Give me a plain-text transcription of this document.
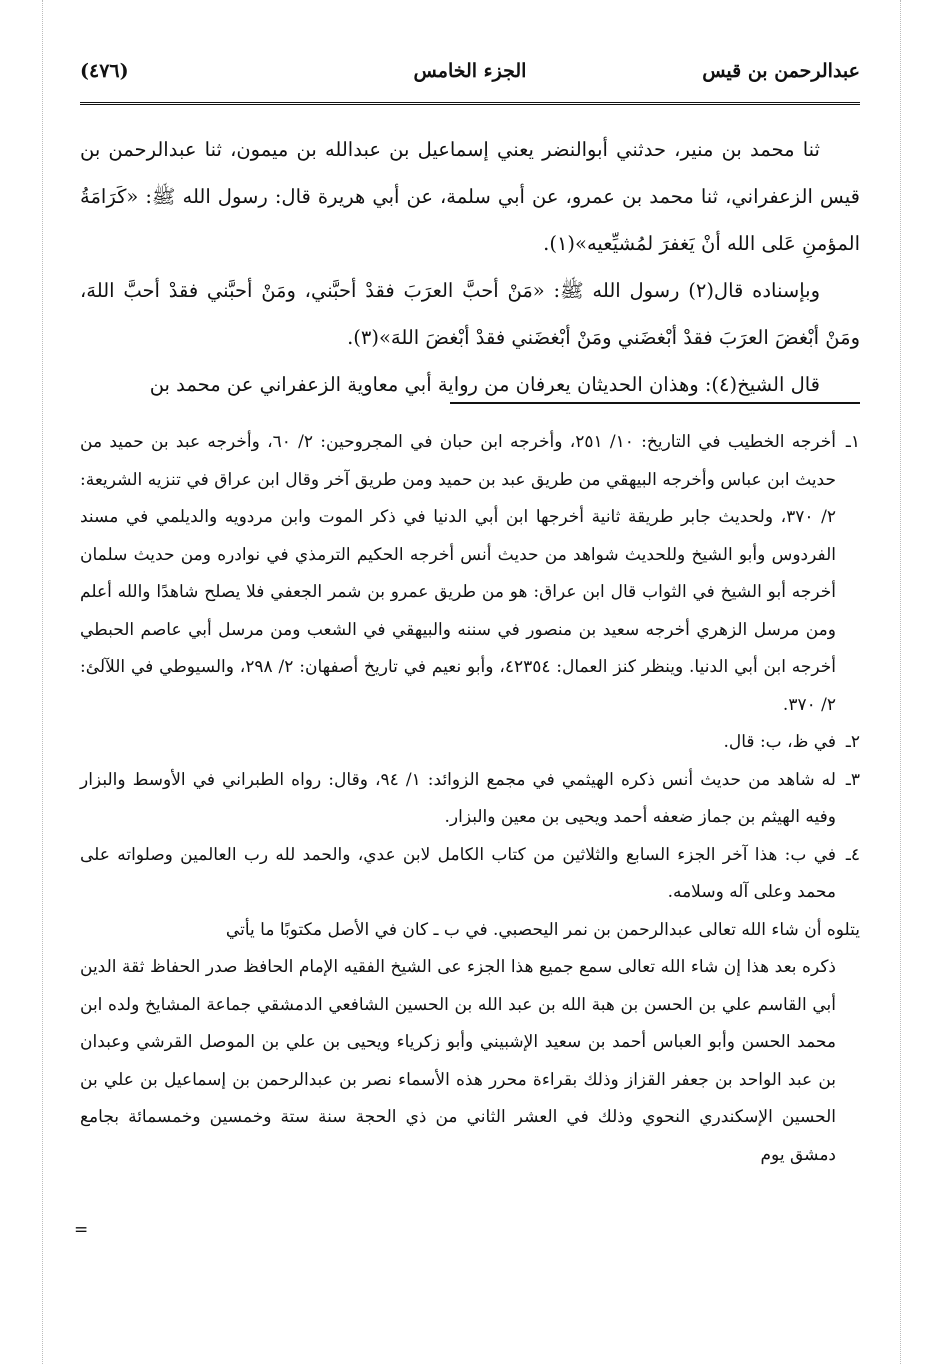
عبدالرحمن بن قيس
الجزء الخامس
(٤٧٦)

ثنا محمد بن منير، حدثني أبوالنضر يعني إسماعيل بن عبدالله بن ميمون، ثنا عبدالرحمن بن قيس الزعفراني، ثنا محمد بن عمرو، عن أبي سلمة، عن أبي هريرة قال: رسول الله ﷺ: «كَرَامَةُ المؤمنِ عَلى الله أنْ يَغفرَ لمُشيِّعيه»(١).

وبإسناده قال(٢) رسول الله ﷺ: «مَنْ أحبَّ العرَبَ فقدْ أحبَّني، ومَنْ أحبَّني فقدْ أحبَّ اللهَ، ومَنْ أبْغضَ العرَبَ فقدْ أبْغضَني ومَنْ أبْغضَني فقدْ أبْغضَ اللهَ»(٣).

قال الشيخ(٤): وهذان الحديثان يعرفان من رواية أبي معاوية الزعفراني عن محمد بن

١ـ
أخرجه الخطيب في التاريخ: ١٠/ ٢٥١، وأخرجه ابن حبان في المجروحين: ٢/ ٦٠، وأخرجه عبد بن حميد من حديث ابن عباس وأخرجه البيهقي من طريق عبد بن حميد ومن طريق آخر وقال ابن عراق في تنزيه الشريعة: ٢/ ٣٧٠، ولحديث جابر طريقة ثانية أخرجها ابن أبي الدنيا في ذكر الموت وابن مردويه والديلمي في مسند الفردوس وأبو الشيخ وللحديث شواهد من حديث أنس أخرجه الحكيم الترمذي في نوادره ومن حديث سلمان أخرجه أبو الشيخ في الثواب قال ابن عراق: هو من طريق عمرو بن شمر الجعفي فلا يصلح شاهدًا والله أعلم ومن مرسل الزهري أخرجه سعيد بن منصور في سننه والبيهقي في الشعب ومن مرسل أبي عاصم الحبطي أخرجه ابن أبي الدنيا. وينظر كنز العمال: ٤٢٣٥٤، وأبو نعيم في تاريخ أصفهان: ٢/ ٢٩٨، والسيوطي في اللآلئ: ٢/ ٣٧٠.

٢ـ
في ظ، ب: قال.

٣ـ
له شاهد من حديث أنس ذكره الهيثمي في مجمع الزوائد: ١/ ٩٤، وقال: رواه الطبراني في الأوسط والبزار وفيه الهيثم بن جماز ضعفه أحمد ويحيى بن معين والبزار.

٤ـ
في ب: هذا آخر الجزء السابع والثلاثين من كتاب الكامل لابن عدي، والحمد لله رب العالمين وصلواته على محمد وعلى آله وسلامه.

يتلوه أن شاء الله تعالى عبدالرحمن بن نمر اليحصبي. في ب ـ كان في الأصل مكتوبًا ما يأتي

ذكره بعد هذا إن شاء الله تعالى سمع جميع هذا الجزء عى الشيخ الفقيه الإمام الحافظ صدر الحفاظ ثقة الدين أبي القاسم علي بن الحسن بن هبة الله بن عبد الله بن الحسين الشافعي الدمشقي جماعة المشايخ ولده ابن محمد الحسن وأبو العباس أحمد بن سعيد الإشبيني وأبو زكرياء ويحيى بن علي بن الموصل القرشي وعبدان بن عبد الواحد بن جعفر القزاز وذلك بقراءة محرر هذه الأسماء نصر بن عبدالرحمن بن إسماعيل بن علي بن الحسين الإسكندري النحوي وذلك في العشر الثاني من ذي الحجة سنة ستة وخمسين وخمسمائة بجامع دمشق يوم

=
